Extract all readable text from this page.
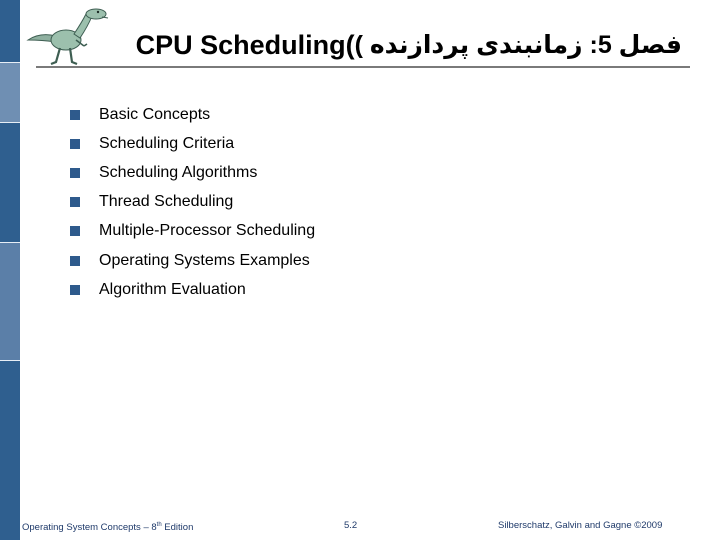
CPU Scheduling( فصل 5: زمانبندی پردازنده )
Basic Concepts
Scheduling Criteria
Scheduling Algorithms
Thread Scheduling
Multiple-Processor Scheduling
Operating Systems Examples
Algorithm Evaluation
Operating System Concepts – 8th Edition	5.2	Silberschatz, Galvin and Gagne ©2009
